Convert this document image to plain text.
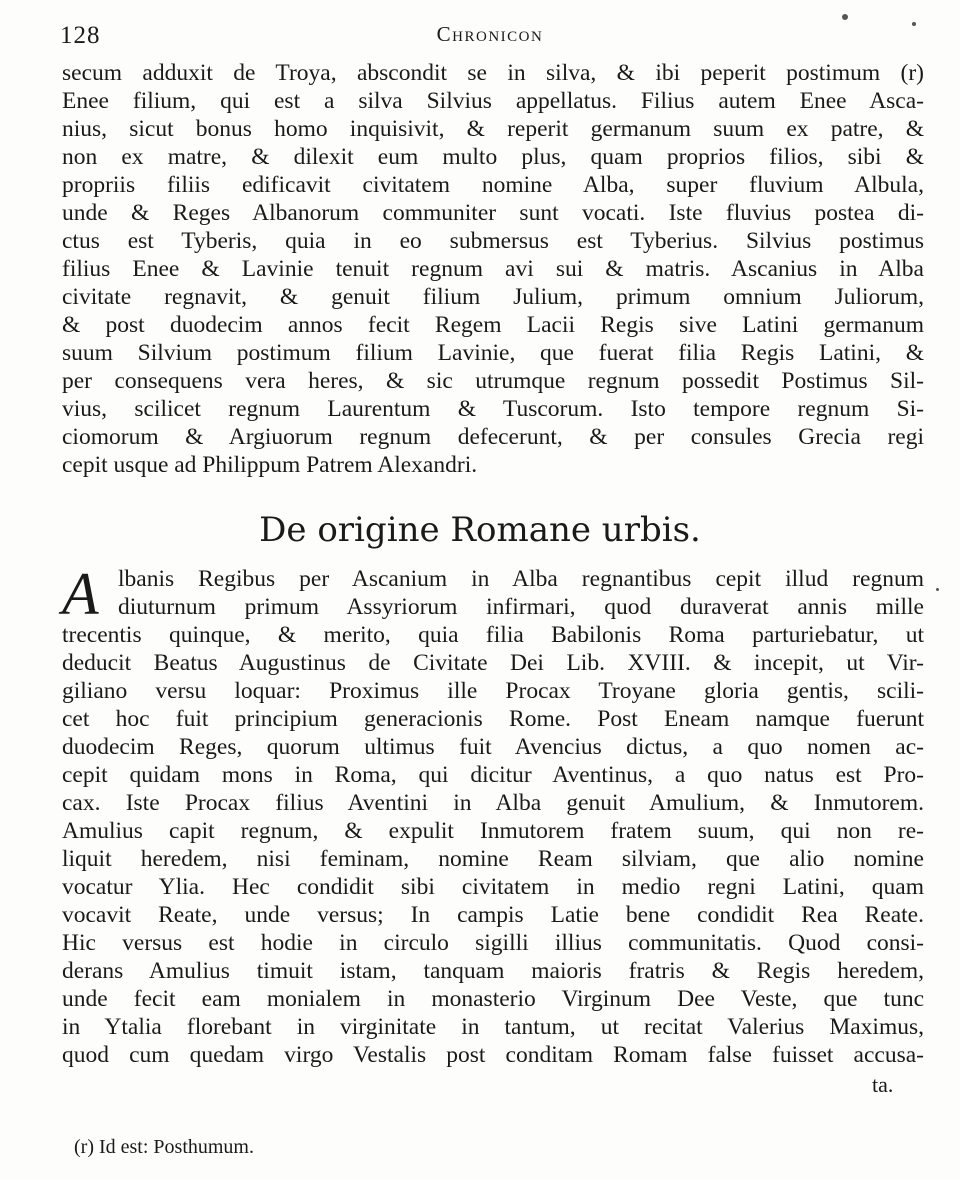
128	Chronicon
secum adduxit de Troya, abscondit se in silva, & ibi peperit postimum (r)
Enee filium, qui est a silva Silvius appellatus. Filius autem Enee Asca-
nius, sicut bonus homo inquisivit, & reperit germanum suum ex patre, &
non ex matre, & dilexit eum multo plus, quam proprios filios, sibi &
propriis filiis edificavit civitatem nomine Alba, super fluvium Albula,
unde & Reges Albanorum communiter sunt vocati. Iste fluvius postea di-
ctus est Tyberis, quia in eo submersus est Tyberius. Silvius postimus
filius Enee & Lavinie tenuit regnum avi sui & matris. Ascanius in Alba
civitate regnavit, & genuit filium Julium, primum omnium Juliorum,
& post duodecim annos fecit Regem Lacii Regis sive Latini germanum
suum Silvium postimum filium Lavinie, que fuerat filia Regis Latini, &
per consequens vera heres, & sic utrumque regnum possedit Postimus Sil-
vius, scilicet regnum Laurentum & Tuscorum. Isto tempore regnum Si-
ciomorum & Argiuorum regnum defecerunt, & per consules Grecia regi
cepit usque ad Philippum Patrem Alexandri.
De origine Romane urbis.
A lbanis Regibus per Ascanium in Alba regnantibus cepit illud regnum
diuturnum primum Assyriorum infirmari, quod duraverat annis mille
trecentis quinque, & merito, quia filia Babilonis Roma parturiebatur, ut
deducit Beatus Augustinus de Civitate Dei Lib. XVIII. & incepit, ut Vir-
giliano versu loquar: Proximus ille Procax Troyane gloria gentis, scili-
cet hoc fuit principium generacionis Rome. Post Eneam namque fuerunt
duodecim Reges, quorum ultimus fuit Avencius dictus, a quo nomen ac-
cepit quidam mons in Roma, qui dicitur Aventinus, a quo natus est Pro-
cax. Iste Procax filius Aventini in Alba genuit Amulium, & Inmutorem.
Amulius capit regnum, & expulit Inmutorem fratem suum, qui non re-
liquit heredem, nisi feminam, nomine Ream silviam, que alio nomine
vocatur Ylia. Hec condidit sibi civitatem in medio regni Latini, quam
vocavit Reate, unde versus; In campis Latie bene condidit Rea Reate.
Hic versus est hodie in circulo sigilli illius communitatis. Quod consi-
derans Amulius timuit istam, tanquam maioris fratris & Regis heredem,
unde fecit eam monialem in monasterio Virginum Dee Veste, que tunc
in Ytalia florebant in virginitate in tantum, ut recitat Valerius Maximus,
quod cum quedam virgo Vestalis post conditam Romam false fuisset accusa-
ta.
(r) Id est: Posthumum.
